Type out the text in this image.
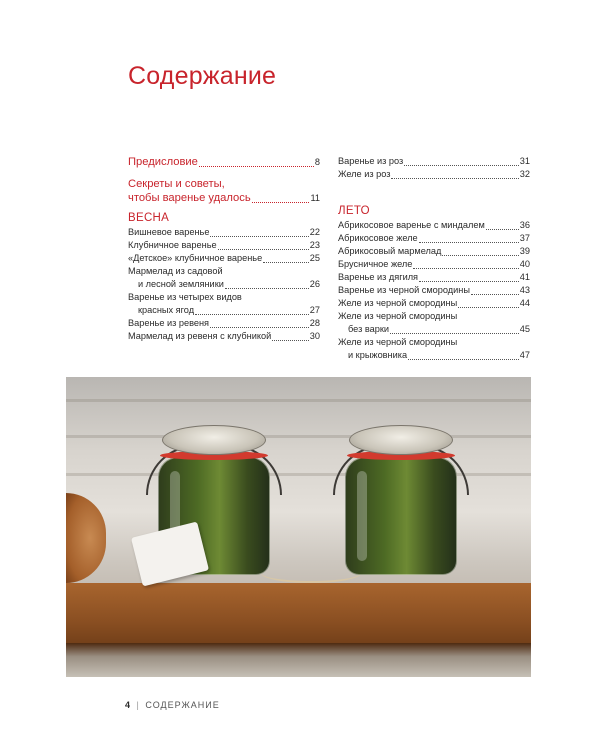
Содержание
Предисловие	8
Секреты и советы,
чтобы варенье удалось	11
ВЕСНА
Вишневое варенье	22
Клубничное варенье	23
«Детское» клубничное варенье	25
Мармелад из садовой
и лесной земляники	26
Варенье из четырех видов
красных ягод	27
Варенье из ревеня	28
Мармелад из ревеня с клубникой	30
Варенье из роз	31
Желе из роз	32
ЛЕТО
Абрикосовое варенье с миндалем	36
Абрикосовое желе	37
Абрикосовый мармелад	39
Брусничное желе	40
Варенье из дягиля	41
Варенье из черной смородины	43
Желе из черной смородины	44
Желе из черной смородины
без варки	45
Желе из черной смородины
и крыжовника	47
4 | СОДЕРЖАНИЕ
